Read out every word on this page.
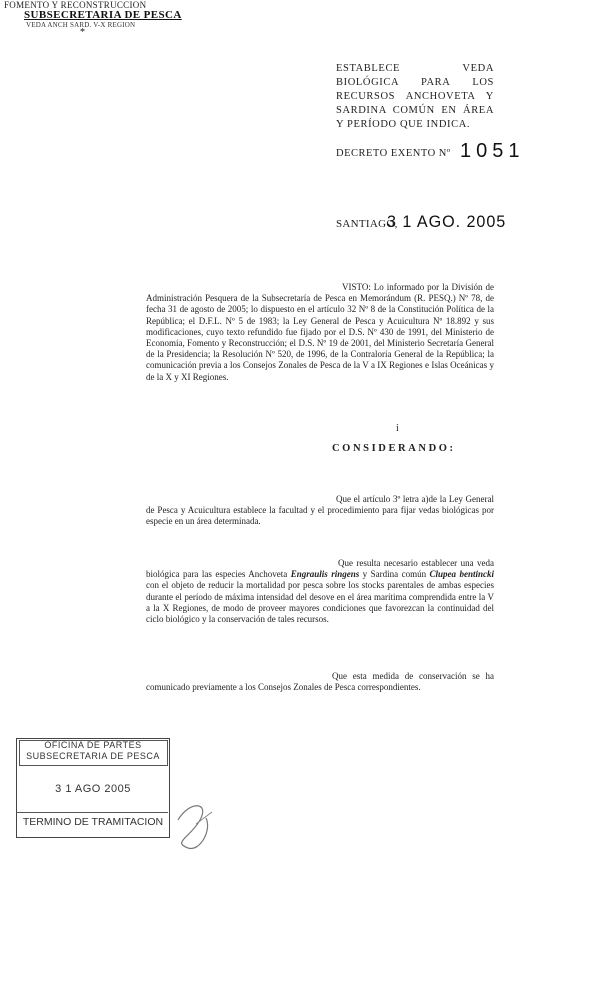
FOMENTO Y RECONSTRUCCION
SUBSECRETARIA DE PESCA
VEDA ANCH SARD. V-X REGION
*
ESTABLECE VEDA BIOLÓGICA PARA LOS RECURSOS ANCHOVETA Y SARDINA COMÚN EN ÁREA Y PERÍODO QUE INDICA.
DECRETO EXENTO Nº 1051
SANTIAGO,
3 1 AGO. 2005
VISTO: Lo informado por la División de Administración Pesquera de la Subsecretaría de Pesca en Memorándum (R. PESQ.) Nº 78, de fecha 31 de agosto de 2005; lo dispuesto en el artículo 32 Nº 8 de la Constitución Política de la República; el D.F.L. Nº 5 de 1983; la Ley General de Pesca y Acuicultura Nº 18.892 y sus modificaciones, cuyo texto refundido fue fijado por el D.S. Nº 430 de 1991, del Ministerio de Economía, Fomento y Reconstrucción; el D.S. Nº 19 de 2001, del Ministerio Secretaría General de la Presidencia; la Resolución Nº 520, de 1996, de la Contraloría General de la República; la comunicación previa a los Consejos Zonales de Pesca de la V a IX Regiones e Islas Oceánicas y de la X y XI Regiones.
i
CONSIDERANDO:
Que el artículo 3º letra a)de la Ley General de Pesca y Acuicultura establece la facultad y el procedimiento para fijar vedas biológicas por especie en un área determinada.
Que resulta necesario establecer una veda biológica para las especies Anchoveta Engraulis ringens y Sardina común Clupea bentincki con el objeto de reducir la mortalidad por pesca sobre los stocks parentales de ambas especies durante el período de máxima intensidad del desove en el área marítima comprendida entre la V a la X Regiones, de modo de proveer mayores condiciones que favorezcan la continuidad del ciclo biológico y la conservación de tales recursos.
Que esta medida de conservación se ha comunicado previamente a los Consejos Zonales de Pesca correspondientes.
OFICINA DE PARTES
SUBSECRETARIA DE PESCA
3 1 AGO 2005
TERMINO DE TRAMITACION
